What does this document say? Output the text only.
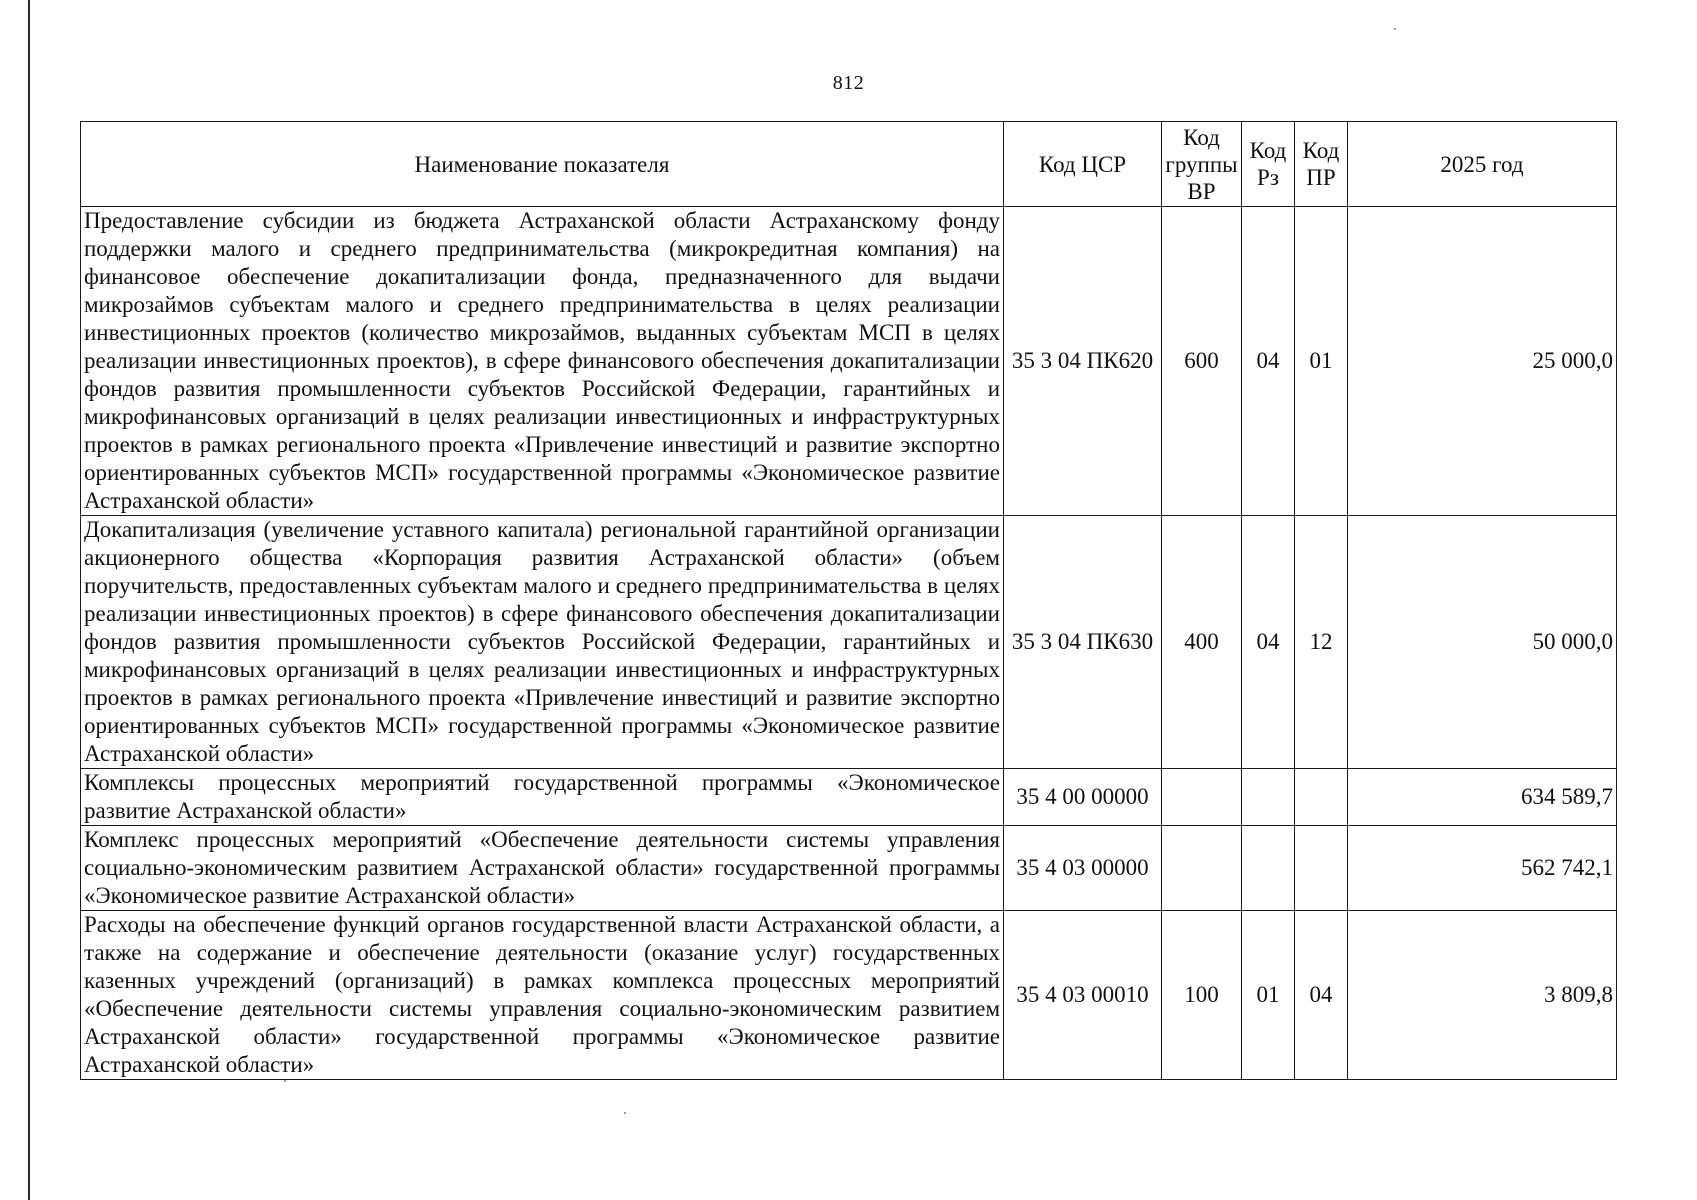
812
Наименование показателя	Код ЦСР	Код группы ВР	Код Рз	Код ПР	2025 год
Предоставление субсидии из бюджета Астраханской области Астраханскому фонду поддержки малого и среднего предпринимательства (микрокредитная компания) на финансовое обеспечение докапитализации фонда, предназначенного для выдачи микрозаймов субъектам малого и среднего предпринимательства в целях реализации инвестиционных проектов (количество микрозаймов, выданных субъектам МСП в целях реализации инвестиционных проектов), в сфере финансового обеспечения докапитализации фондов развития промышленности субъектов Российской Федерации, гарантийных и микрофинансовых организаций в целях реализации инвестиционных и инфраструктурных проектов в рамках регионального проекта «Привлечение инвестиций и развитие экспортно ориентированных субъектов МСП» государственной программы «Экономическое развитие Астраханской области»	35 3 04 ПК620	600	04	01	25 000,0
Докапитализация (увеличение уставного капитала) региональной гарантийной организации акционерного общества «Корпорация развития Астраханской области» (объем поручительств, предоставленных субъектам малого и среднего предпринимательства в целях реализации инвестиционных проектов) в сфере финансового обеспечения докапитализации фондов развития промышленности субъектов Российской Федерации, гарантийных и микрофинансовых организаций в целях реализации инвестиционных и инфраструктурных проектов в рамках регионального проекта «Привлечение инвестиций и развитие экспортно ориентированных субъектов МСП» государственной программы «Экономическое развитие Астраханской области»	35 3 04 ПК630	400	04	12	50 000,0
Комплексы процессных мероприятий государственной программы «Экономическое развитие Астраханской области»	35 4 00 00000				634 589,7
Комплекс процессных мероприятий «Обеспечение деятельности системы управления социально-экономическим развитием Астраханской области» государственной программы «Экономическое развитие Астраханской области»	35 4 03 00000				562 742,1
Расходы на обеспечение функций органов государственной власти Астраханской области, а также на содержание и обеспечение деятельности (оказание услуг) государственных казенных учреждений (организаций) в рамках комплекса процессных мероприятий «Обеспечение деятельности системы управления социально-экономическим развитием Астраханской области» государственной программы «Экономическое развитие Астраханской области»	35 4 03 00010	100	01	04	3 809,8
